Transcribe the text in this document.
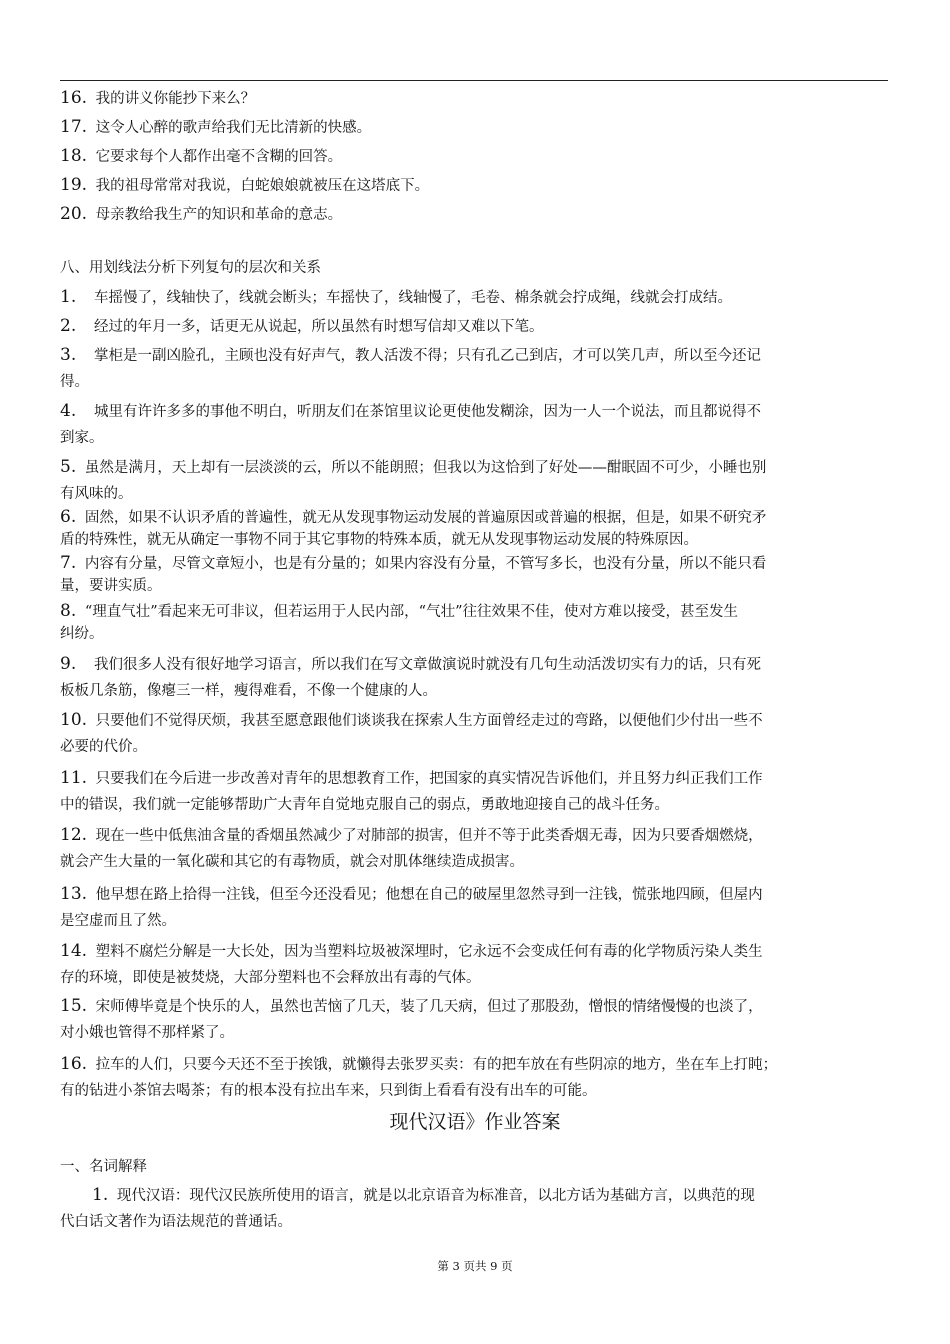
16. 我的讲义你能抄下来么？
17. 这令人心醉的歌声给我们无比清新的快感。
18. 它要求每个人都作出毫不含糊的回答。
19. 我的祖母常常对我说，白蛇娘娘就被压在这塔底下。
20. 母亲教给我生产的知识和革命的意志。
八、用划线法分析下列复句的层次和关系
1.   车摇慢了，线轴快了，线就会断头；车摇快了，线轴慢了，毛卷、棉条就会拧成绳，线就会打成结。
2.   经过的年月一多，话更无从说起，所以虽然有时想写信却又难以下笔。
3.   掌柜是一副凶脸孔，主顾也没有好声气，教人活泼不得；只有孔乙己到店，才可以笑几声，所以至今还记
得。
4.   城里有许许多多的事他不明白，听朋友们在茶馆里议论更使他发糊涂，因为一人一个说法，而且都说得不
到家。
5. 虽然是满月，天上却有一层淡淡的云，所以不能朗照；但我以为这恰到了好处——酣眠固不可少，小睡也别
有风味的。
6. 固然，如果不认识矛盾的普遍性，就无从发现事物运动发展的普遍原因或普遍的根据，但是，如果不研究矛
盾的特殊性，就无从确定一事物不同于其它事物的特殊本质，就无从发现事物运动发展的特殊原因。
7. 内容有分量，尽管文章短小，也是有分量的；如果内容没有分量，不管写多长，也没有分量，所以不能只看
量，要讲实质。
8. “理直气壮”看起来无可非议，但若运用于人民内部，“气壮”往往效果不佳，使对方难以接受，甚至发生
纠纷。
9.   我们很多人没有很好地学习语言，所以我们在写文章做演说时就没有几句生动活泼切实有力的话，只有死
板板几条筋，像瘪三一样，瘦得难看，不像一个健康的人。
10. 只要他们不觉得厌烦，我甚至愿意跟他们谈谈我在探索人生方面曾经走过的弯路，以便他们少付出一些不
必要的代价。
11. 只要我们在今后进一步改善对青年的思想教育工作，把国家的真实情况告诉他们，并且努力纠正我们工作
中的错误，我们就一定能够帮助广大青年自觉地克服自己的弱点，勇敢地迎接自己的战斗任务。
12. 现在一些中低焦油含量的香烟虽然减少了对肺部的损害，但并不等于此类香烟无毒，因为只要香烟燃烧，
就会产生大量的一氧化碳和其它的有毒物质，就会对肌体继续造成损害。
13. 他早想在路上拾得一注钱，但至今还没看见；他想在自己的破屋里忽然寻到一注钱，慌张地四顾，但屋内
是空虚而且了然。
14. 塑料不腐烂分解是一大长处，因为当塑料垃圾被深埋时，它永远不会变成任何有毒的化学物质污染人类生
存的环境，即使是被焚烧，大部分塑料也不会释放出有毒的气体。
15. 宋师傅毕竟是个快乐的人，虽然也苦恼了几天，装了几天病，但过了那股劲，憎恨的情绪慢慢的也淡了，
对小娥也管得不那样紧了。
16. 拉车的人们，只要今天还不至于挨饿，就懒得去张罗买卖：有的把车放在有些阴凉的地方，坐在车上打盹；
有的钻进小茶馆去喝茶；有的根本没有拉出车来，只到街上看看有没有出车的可能。
现代汉语》作业答案
一、名词解释
1. 现代汉语：现代汉民族所使用的语言，就是以北京语音为标准音，以北方话为基础方言，以典范的现
代白话文著作为语法规范的普通话。
第 3 页共 9 页
